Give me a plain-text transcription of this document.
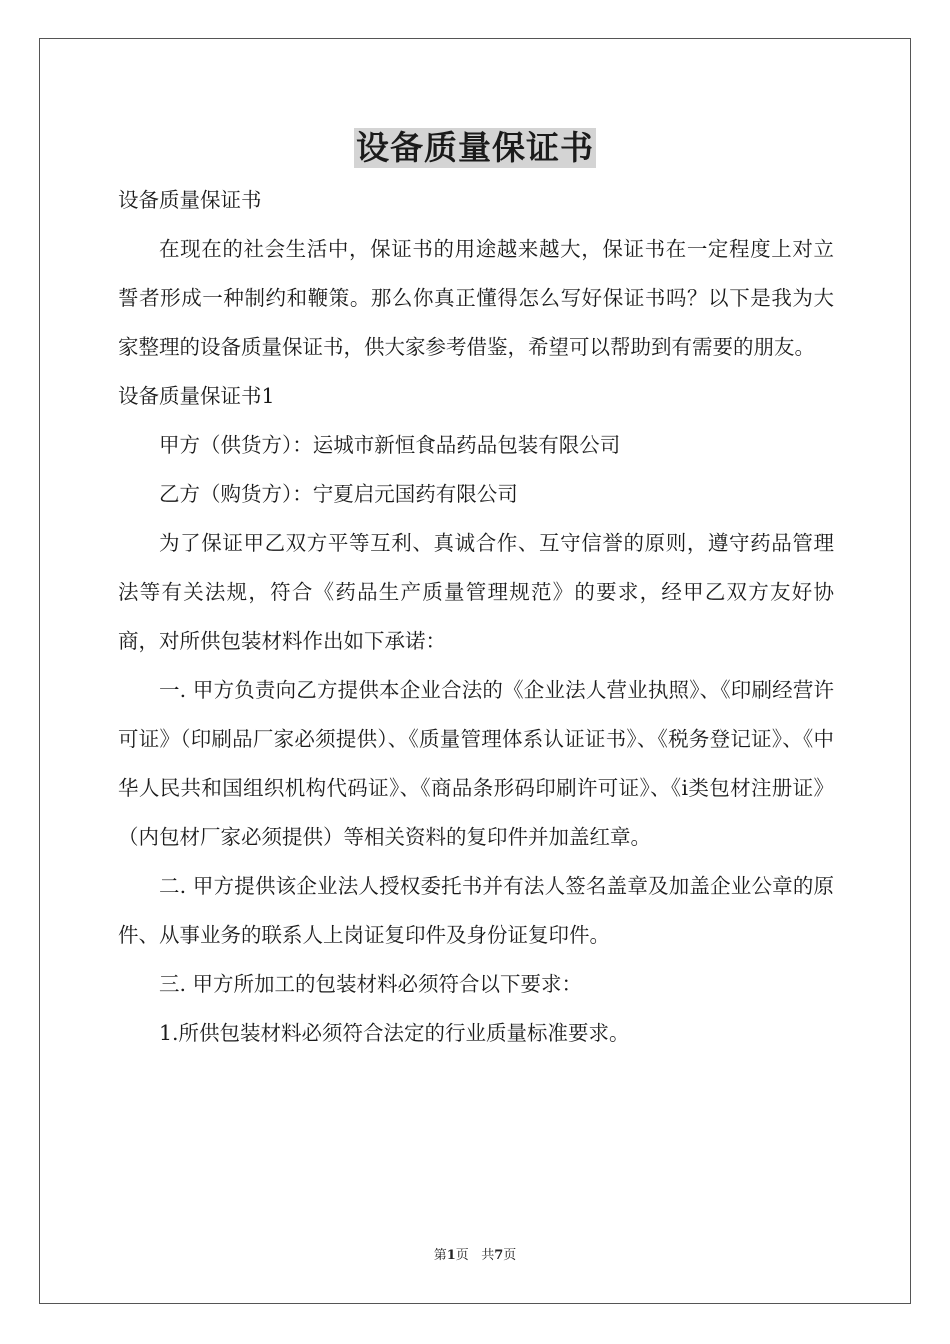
设备质量保证书

设备质量保证书

在现在的社会生活中，保证书的用途越来越大，保证书在一定程度上对立誓者形成一种制约和鞭策。那么你真正懂得怎么写好保证书吗？以下是我为大家整理的设备质量保证书，供大家参考借鉴，希望可以帮助到有需要的朋友。

设备质量保证书1

甲方（供货方）：运城市新恒食品药品包装有限公司

乙方（购货方）：宁夏启元国药有限公司

为了保证甲乙双方平等互利、真诚合作、互守信誉的原则，遵守药品管理法等有关法规，符合《药品生产质量管理规范》的要求，经甲乙双方友好协商，对所供包装材料作出如下承诺：

一. 甲方负责向乙方提供本企业合法的《企业法人营业执照》、《印刷经营许可证》（印刷品厂家必须提供）、《质量管理体系认证证书》、《税务登记证》、《中华人民共和国组织机构代码证》、《商品条形码印刷许可证》、《i类包材注册证》（内包材厂家必须提供）等相关资料的复印件并加盖红章。

二. 甲方提供该企业法人授权委托书并有法人签名盖章及加盖企业公章的原件、从事业务的联系人上岗证复印件及身份证复印件。

三. 甲方所加工的包装材料必须符合以下要求：

1.所供包装材料必须符合法定的行业质量标准要求。

第1页 共7页
